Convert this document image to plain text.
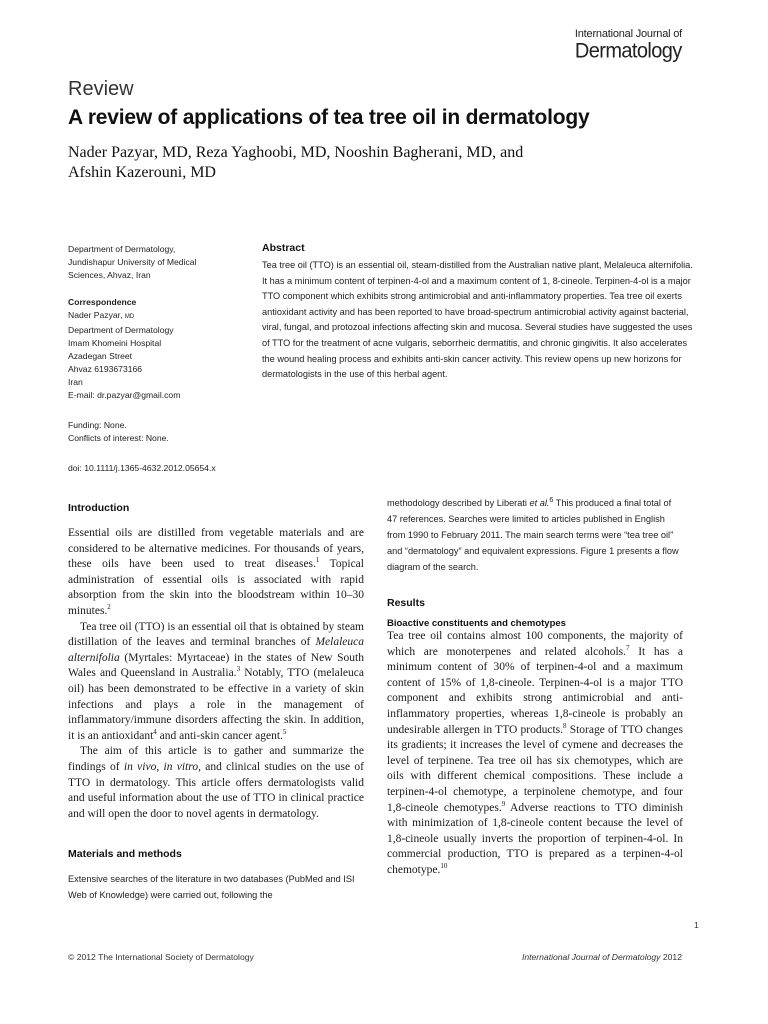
International Journal of
Dermatology
Review
A review of applications of tea tree oil in dermatology
Nader Pazyar, MD, Reza Yaghoobi, MD, Nooshin Bagherani, MD, and
Afshin Kazerouni, MD

Department of Dermatology,

Jundishapur University of Medical

Sciences, Ahvaz, Iran

Correspondence

Nader Pazyar, MD

Department of Dermatology

Imam Khomeini Hospital

Azadegan Street

Ahvaz 6193673166

Iran

E-mail: dr.pazyar@gmail.com

Funding: None.

Conflicts of interest: None.

doi: 10.1111/j.1365-4632.2012.05654.x

Abstract

Tea tree oil (TTO) is an essential oil, steam-distilled from the Australian native plant, Melaleuca alternifolia. It has a minimum content of terpinen-4-ol and a maximum content of 1, 8-cineole. Terpinen-4-ol is a major TTO component which exhibits strong antimicrobial and anti-inflammatory properties. Tea tree oil exerts antioxidant activity and has been reported to have broad-spectrum antimicrobial activity against bacterial, viral, fungal, and protozoal infections affecting skin and mucosa. Several studies have suggested the uses of TTO for the treatment of acne vulgaris, seborrheic dermatitis, and chronic gingivitis. It also accelerates the wound healing process and exhibits anti-skin cancer activity. This review opens up new horizons for dermatologists in the use of this herbal agent.

Introduction

Essential oils are distilled from vegetable materials and are considered to be alternative medicines. For thousands of years, these oils have been used to treat diseases.$^1$ Topical administration of essential oils is associated with rapid absorption from the skin into the bloodstream within 10–30 minutes.$^2$

Tea tree oil (TTO) is an essential oil that is obtained by steam distillation of the leaves and terminal branches of Melaleuca alternifolia (Myrtales: Myrtaceae) in the states of New South Wales and Queensland in Australia.$^3$ Notably, TTO (melaleuca oil) has been demonstrated to be effective in a variety of skin infections and plays a role in the management of inflammatory/immune disorders affecting the skin. In addition, it is an antioxidant$^4$ and anti-skin cancer agent.$^5$

The aim of this article is to gather and summarize the findings of in vivo, in vitro, and clinical studies on the use of TTO in dermatology. This article offers dermatologists valid and useful information about the use of TTO in clinical practice and will open the door to novel agents in dermatology.

Materials and methods

Extensive searches of the literature in two databases (PubMed and ISI Web of Knowledge) were carried out, following the

methodology described by Liberati et al.$^6$ This produced a final total of 47 references. Searches were limited to articles published in English from 1990 to February 2011. The main search terms were “tea tree oil” and “dermatology” and equivalent expressions. Figure 1 presents a flow diagram of the search.

Results
Bioactive constituents and chemotypes

Tea tree oil contains almost 100 components, the majority of which are monoterpenes and related alcohols.$^7$ It has a minimum content of 30% of terpinen-4-ol and a maximum content of 15% of 1,8-cineole. Terpinen-4-ol is a major TTO component and exhibits strong antimicrobial and anti-inflammatory properties, whereas 1,8-cineole is probably an undesirable allergen in TTO products.$^8$ Storage of TTO changes its gradients; it increases the level of cymene and decreases the level of terpinene. Tea tree oil has six chemotypes, which are oils with different chemical compositions. These include a terpinen-4-ol chemotype, a terpinolene chemotype, and four 1,8-cineole chemotypes.$^9$ Adverse reactions to TTO diminish with minimization of 1,8-cineole content because the level of 1,8-cineole usually inverts the proportion of terpinen-4-ol. In commercial production, TTO is prepared as a terpinen-4-ol chemotype.$^{10}$

1
© 2012 The International Society of Dermatology	International Journal of Dermatology 2012
